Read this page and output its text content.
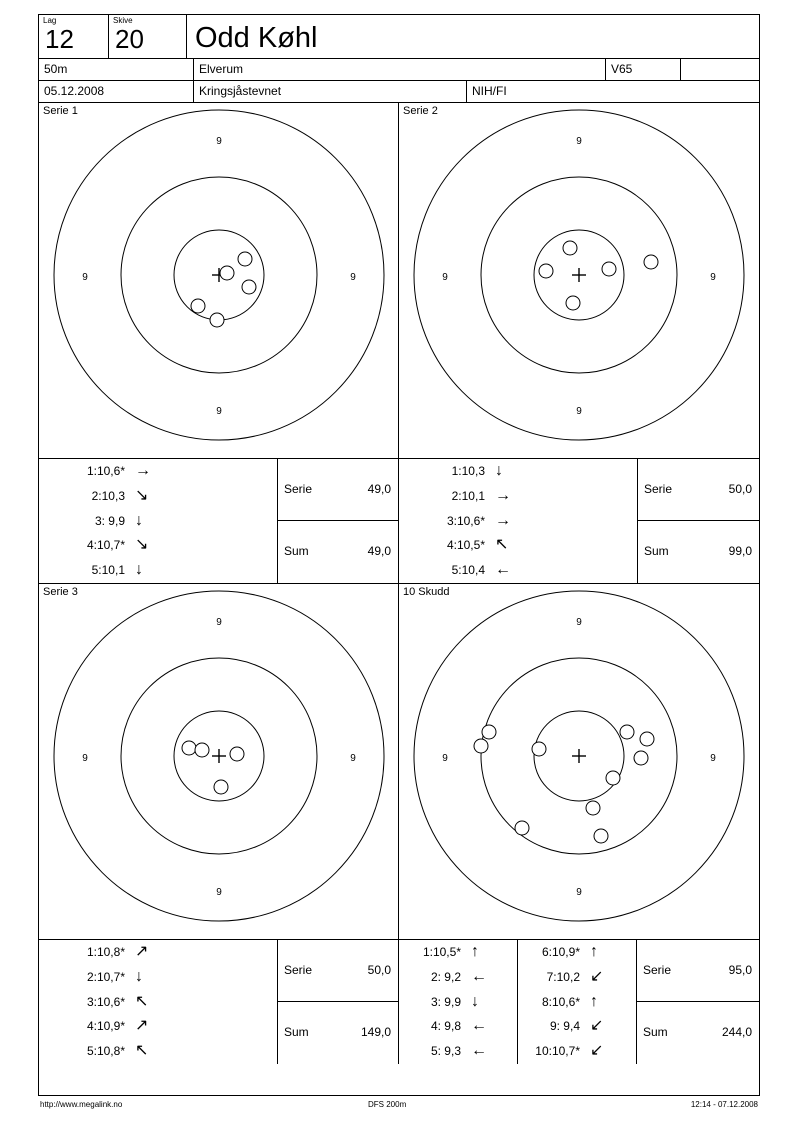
Lag
12
Skive
20 Odd Køhl
50m	Elverum	V65
05.12.2008	Kringsjåstevnet	NIH/FI
Serie 1
9
9
9
9
Serie 2
9
9
9
9
1:10,6* →
2:10,3 ↘
3: 9,9 ↓
4:10,7* ↘
5:10,1 ↓
Serie	49,0
Sum	49,0
1:10,3 ↓
2:10,1 →
3:10,6* →
4:10,5* ↖
5:10,4 ←
Serie	50,0
Sum	99,0
Serie 3
9
9
9
9
10 Skudd
9
9
9
9
1:10,8* ↗
2:10,7* ↓
3:10,6* ↖
4:10,9* ↗
5:10,8* ↖
Serie	50,0
Sum	149,0
1:10,5* ↑
2: 9,2 ←
3: 9,9 ↓
4: 9,8 ←
5: 9,3 ←
6:10,9* ↑
7:10,2 ↙
8:10,6* ↑
9: 9,4 ↙
10:10,7* ↙
Serie	95,0
Sum	244,0
http://www.megalink.no	DFS 200m	12:14 - 07.12.2008
